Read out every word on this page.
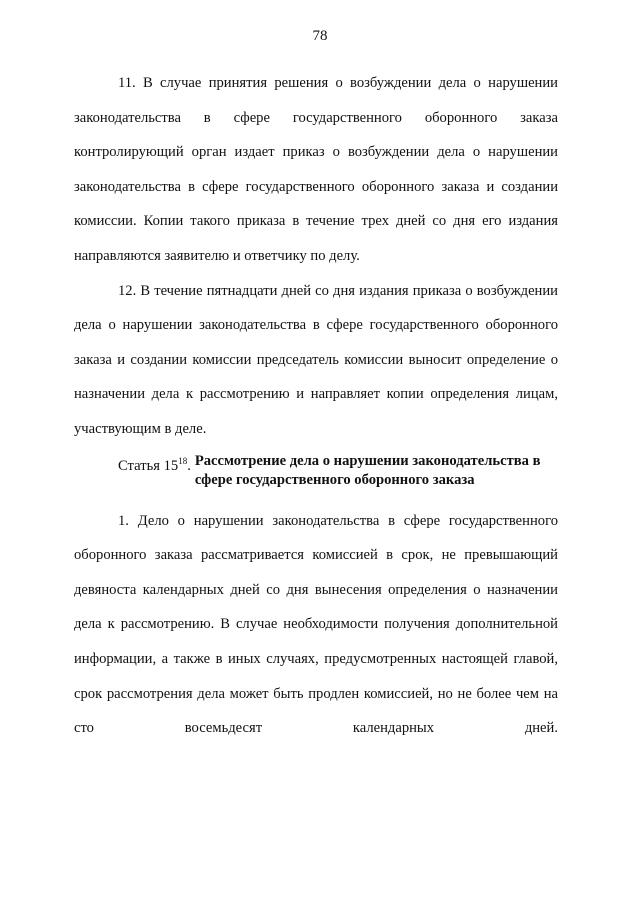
78

11. В случае принятия решения о возбуждении дела о нарушении законодательства в сфере государственного оборонного заказа контролирующий орган издает приказ о возбуждении дела о нарушении законодательства в сфере государственного оборонного заказа и создании комиссии. Копии такого приказа в течение трех дней со дня его издания направляются заявителю и ответчику по делу.

12. В течение пятнадцати дней со дня издания приказа о возбуждении дела о нарушении законодательства в сфере государственного оборонного заказа и создании комиссии председатель комиссии выносит определение о назначении дела к рассмотрению и направляет копии определения лицам, участвующим в деле.

Статья $15^{18}$. Рассмотрение дела о нарушении законодательства в сфере государственного оборонного заказа

1. Дело о нарушении законодательства в сфере государственного оборонного заказа рассматривается комиссией в срок, не превышающий девяноста календарных дней со дня вынесения определения о назначении дела к рассмотрению. В случае необходимости получения дополнительной информации, а также в иных случаях, предусмотренных настоящей главой, срок рассмотрения дела может быть продлен комиссией, но не более чем на сто восемьдесят календарных дней.
